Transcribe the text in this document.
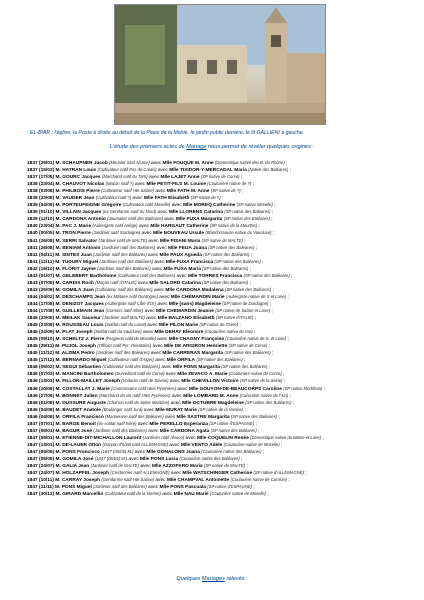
EL-BIAR : l'église, la Poste à droite au début de la Place de la Mairie, le jardin public derrière, le lit GALLIENI à gauche.
L'étude des premiers actes de Mariage nous permet de révéler quelques origines :
1837 (26/01) M. SCHAUPNER Jacob (Meunier natif Alsace) avec Mlle FOUQUE M. Anne (Domestique native des B. du Rhône) ;
1837 (15/03) M. HATRAN Louis (Cultivateur natif Pas de Calais) avec Mlle TIXIDOR-Y-MERCADAL Maria (Native des Baléares) ;
1837 (17/05) M. GOURC Jacques (Marchand natif du Tarn) avec Mlle LAJET Anne (SP native de Corse) ;
1838 (23/04) M. CHAUVOT Nicolas (Maçon natif ?) avec Mlle PETIT-FILS M. Louise (Couturière native de ?) ;
1838 (03/08) M. PHILBOIS Pierre (Cultivateur natif Hte Saône) avec Mlle FATH M. Anne (SP native de ?) ;
1838 (23/08) M. VAUDER Jean (Cultivateur natif ?) avec Mlle FATH Elisabeth (SP native de ?) ;
1839 (04/05) M. PORTEUFEIGNE Grégoire (Cultivateur natif Moselle) avec Mlle MOREQ Catherine (SP native Moselle) ;
1839 (01/10) M. VILLAIN Jacques (ex Gendarme natif du Nord) avec Mlle LLORENS Catarina (SP native des Baléares) ;
1839 (12/10) M. CARDONA Antonio (Journalier natif des Baléares) avec Mlle FUXA Margarita (SP native des Baléares) ;
1840 (23/04) M. PAC J. Marie (Aubergiste natif Ariège) avec Mlle HARGAUT Catherine (SP native de la Meurthe) ;
1840 (00/05) M. TRON Pierre (Jardinier natif Sardaigne) avec Mlle NOUVEAU Ursule (Blanchisseuse native du Vaucluse) ;
1841 (26/08) M. XERRI Salvator (Jardinier natif de MALTE) avec Mlle PISANI Maria (SP native de MALTE) ;
1841 (26/08) M. BENIAM Antonin (Jardinier natif des Baléares) avec Mlle FEUA Juana (SP native des Baléares) ;
1841 (04/11) M. SINTES Juan (Jardinier natif des Baléares) avec Mlle PAUX Agueda (SP native des Baléares) ;
1841 (12/11) M. TUDURY Miguel (Jardinier natif des Baléares) avec Mlle FUXA Francisca (SP native des Baléares) ;
1842 (19/10) M. FLORIT Jayme (Jardinier natif des Baléares) avec Mlle FUXA Maria (SP native des Baléares) ;
1843 (01/07) M. GELEBERT Bartholome (Cultivateur natif des Baléares) avec Mlle TORRES Francisca (SP native des Baléares) ;
1843 (07/09) M. CARDIX Roch (Maçon natif d'ITALIE) avec Mlle SALORD Catarina (SP native des Baléares) ;
1843 (25/09) M. GOMILA Juan (Cultivateur natif des Baléares) avec Mlle CARDONA Madalena (SP native des Baléares) ;
1844 (04/02) M. DESCHAMPS Jean (ex Militaire natif Dordogne) avec Mlle CHEMARDIN Marie (Aubergiste native de S et Loire) ;
1844 (17/08) M. DENIZOT Jacques (Aubergiste natif Côte d'Or) avec Mlle (sans) Magdeleine (SP native de Dordogne) ;
1844 (17/08) M. GUILLEMAIN Jean (Commis natif Allier) avec Mlle CHEMARDIN Jeanne (SP native de Saône et Loire) ;
1845 (23/06) M. MEILAK Sauveur (Jardinier natif MALTE) avec Mlle BALZANO Elisabeth (SP native d'ITALIE) ;
1845 (23/08) M. ROUSSEAU Louis (Soldat natif du Loiret) avec Mlle PILON Marie (SP native de l'Isère) ;
1845 (24/09) M. PLAT Joseph (Soldat natif du Vaucluse) avec Mlle DEHAY Eléonore (Couturière native du Var) ;
1845 (09/10) M. SCHELTZ J. Pierre (Forgeron natif de Moselle) avec Mlle CHAGNY Françoise (Couturière native de S. et Loire) ;
1845 (29/11) M. PUJOL Joseph (Officier natif Pyr. Orientales) avec Mlle DE ARGIRON Henriette (SP native de Corse) ;
1845 (11/12) M. ALZIMA Pedro (Jardinier natif des Baléares) avec Mlle CARRERAS Margarita (SP native des Baléares) ;
1845 (17/12) M. BERNARDO Miguel (Cultivateur natif d'Alger) avec Mlle ORFILA (SP native des Baléares) ;
1846 (05/02) M. SEGUI Sébastien (Cultivateur natif des Baléares) avec Mlle PONS Margarita (SP native des Baléares) ;
1846 (07/03) M. MANCINI Bartholomeo (Surveillant natif de Corse) avec Mlle ZEVACO A. Marie (Couturière native de Corse) ;
1846 (13/03) M. FILLON-MAILLET Joseph (Voiturier natif de Savoie) avec Mlle CHEVILLON Victoire (SP native de la Seine) ;
1846 (20/06) M. COSTALLAT J. Marie (Commissaire natif Htes Pyrénées) avec Mlle GOUYON-DE-BEAUCORPS Caroline (SP native Morbihan) ;
1846 (27/06) M. BONNET Julien (Marchand de vin natif Htes Pyrénées) avec Mlle LOMBARD M. Anne (Cuisinière native de l'Ain) ;
1846 (01/08) M. DUSSURE Auguste (Charron natif de Seine Maritime) avec Mlle OCTUBRE Magdeleine (SP native des Baléares) ;
1846 (04/08) M. BAUDET Anatole (Boulanger natif Jura) avec Mlle MURAT Marie (SP native de la Vienne) ;
1846 (04/08) M. ORFILA Francisco (Manoeuvre natif des Baléares) avec Mlle SASTRE Margarita (SP native des Baléares) ;
1847 (07/01) M. BARGE Benoit (ex-soldat natif Isère) avec Mlle PERELLO Esperanza (SP native d'ESPAGNE) ;
1847 (09/01) M. BAGUR José (Jardinier natif des Baléares) avec Mlle CARDONA Agata (SP native des Baléares) ;
1847 (09/01) M. ETIENNE-DIT-MICHALLON Laurent (Jardinier natif Alsace) avec Mlle COQUELIN Renée (Domestique native du Maine et Loire) ;
1847 (13/01) M. DE-LAUER Otton (Garçon d'hôtel natif ALLEMAGNE) avec Mlle VENTO Adèle (Couturière native de Moselle) ;
1847 (05/05) M. PONS Francisco (1847 (05/05) M.) avec Mlle GONALONS Juana (Couturière native des Baléares) ;
1847 (05/05) M. GOMILA José (1847 (05/05) M.) avec Mlle PONS Lucia (Couturière native des Baléares) ;
1847 (24/07) M. GALIA Jean (Jardinier natif de MALTE) avec Mlle AZZOPARD Maria (SP native de MALTE) ;
1847 (24/07) M. HOLZAPFEL Joseph (Cordonnier natif ALLEMAGNE) avec Mlle WATSCHINGER Catherine (SP native d'ALLEMAGNE) ;
1847 (10/11) M. CARRAY Joseph (Gendarme natif Hte Saône) avec Mlle CHAMPVAL Antoinette (Couturière native de Corrèze) ;
1847 (11/11) M. PONS Miguel (Jardinier natif des Baléares) avec Mlle PONS Pascuala (SP native d'ESPAGNE) ;
1847 (30/12) M. GIRARD Marcellin (Cultivateur natif de la Vienne) avec Mlle NAU Marie (Couturière native de Moselle) ;
Quelques Mariages relevés :
